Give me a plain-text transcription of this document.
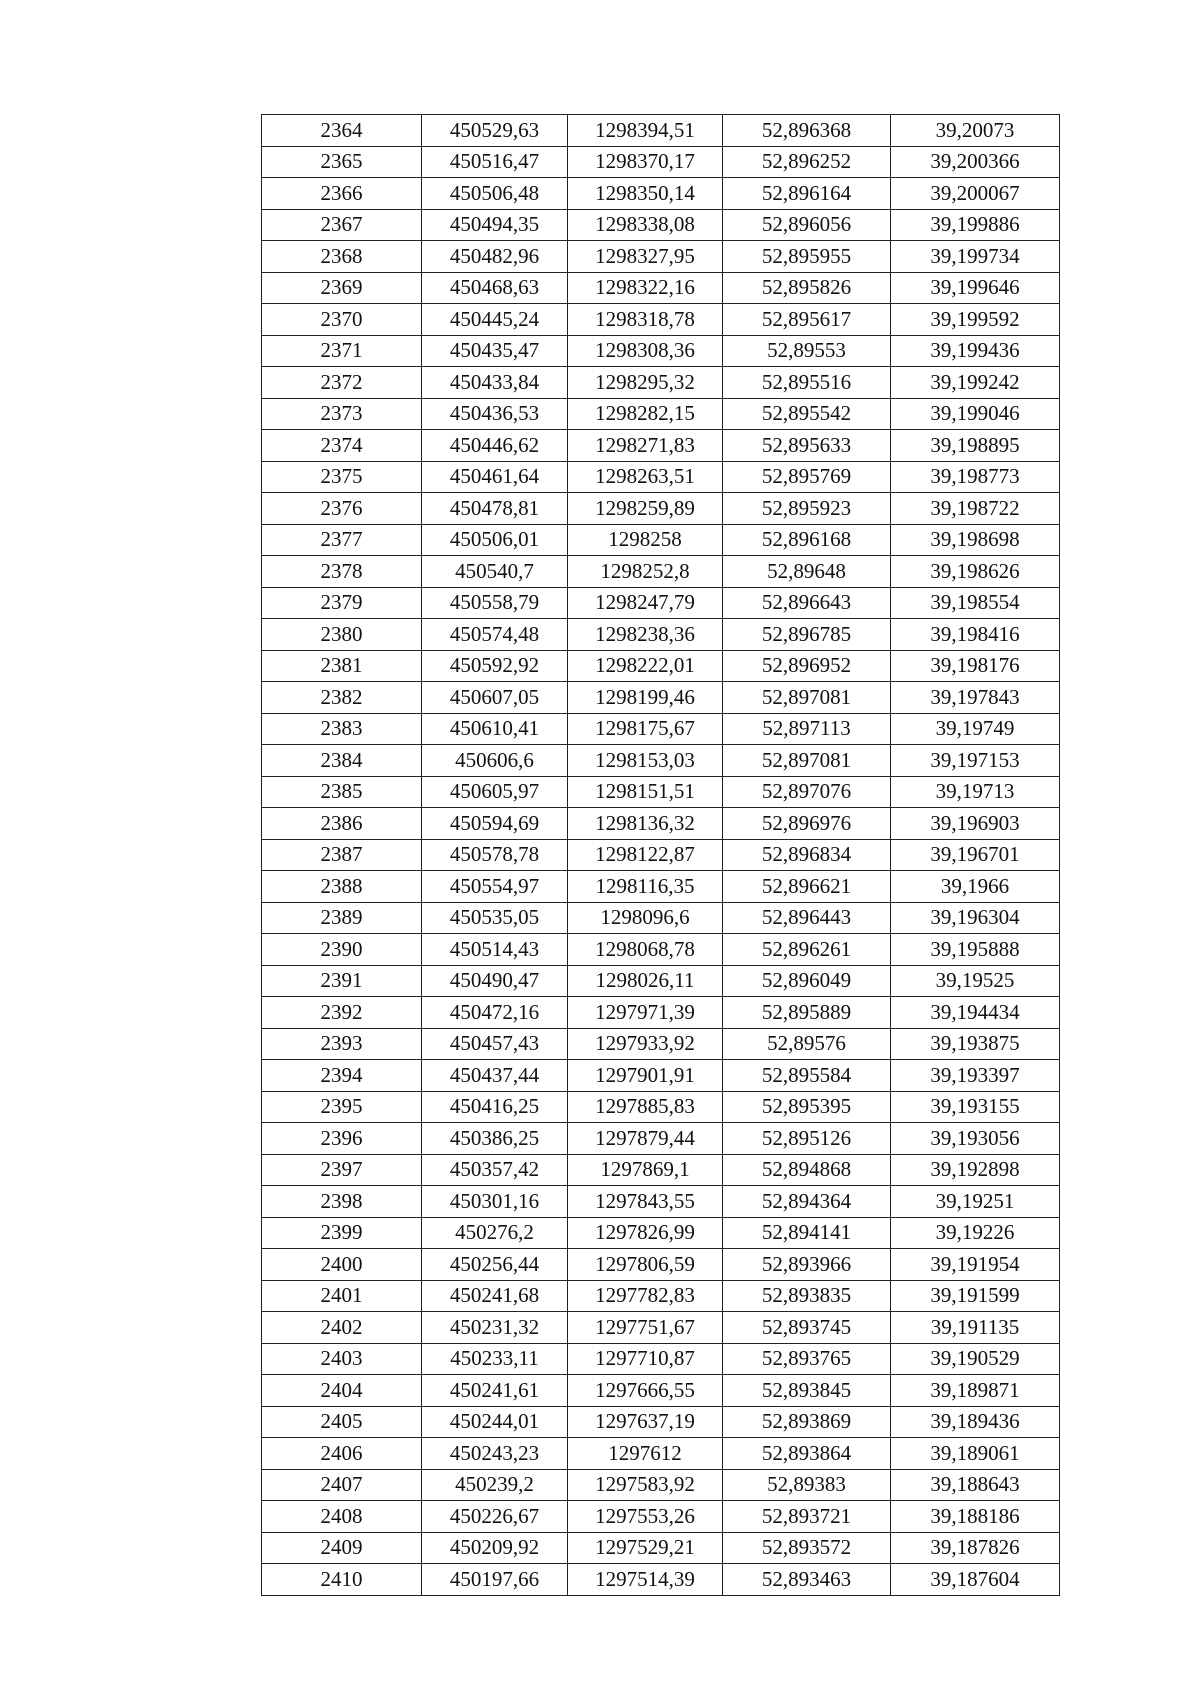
2364	450529,63	1298394,51	52,896368	39,20073
2365	450516,47	1298370,17	52,896252	39,200366
2366	450506,48	1298350,14	52,896164	39,200067
2367	450494,35	1298338,08	52,896056	39,199886
2368	450482,96	1298327,95	52,895955	39,199734
2369	450468,63	1298322,16	52,895826	39,199646
2370	450445,24	1298318,78	52,895617	39,199592
2371	450435,47	1298308,36	52,89553	39,199436
2372	450433,84	1298295,32	52,895516	39,199242
2373	450436,53	1298282,15	52,895542	39,199046
2374	450446,62	1298271,83	52,895633	39,198895
2375	450461,64	1298263,51	52,895769	39,198773
2376	450478,81	1298259,89	52,895923	39,198722
2377	450506,01	1298258	52,896168	39,198698
2378	450540,7	1298252,8	52,89648	39,198626
2379	450558,79	1298247,79	52,896643	39,198554
2380	450574,48	1298238,36	52,896785	39,198416
2381	450592,92	1298222,01	52,896952	39,198176
2382	450607,05	1298199,46	52,897081	39,197843
2383	450610,41	1298175,67	52,897113	39,19749
2384	450606,6	1298153,03	52,897081	39,197153
2385	450605,97	1298151,51	52,897076	39,19713
2386	450594,69	1298136,32	52,896976	39,196903
2387	450578,78	1298122,87	52,896834	39,196701
2388	450554,97	1298116,35	52,896621	39,1966
2389	450535,05	1298096,6	52,896443	39,196304
2390	450514,43	1298068,78	52,896261	39,195888
2391	450490,47	1298026,11	52,896049	39,19525
2392	450472,16	1297971,39	52,895889	39,194434
2393	450457,43	1297933,92	52,89576	39,193875
2394	450437,44	1297901,91	52,895584	39,193397
2395	450416,25	1297885,83	52,895395	39,193155
2396	450386,25	1297879,44	52,895126	39,193056
2397	450357,42	1297869,1	52,894868	39,192898
2398	450301,16	1297843,55	52,894364	39,19251
2399	450276,2	1297826,99	52,894141	39,19226
2400	450256,44	1297806,59	52,893966	39,191954
2401	450241,68	1297782,83	52,893835	39,191599
2402	450231,32	1297751,67	52,893745	39,191135
2403	450233,11	1297710,87	52,893765	39,190529
2404	450241,61	1297666,55	52,893845	39,189871
2405	450244,01	1297637,19	52,893869	39,189436
2406	450243,23	1297612	52,893864	39,189061
2407	450239,2	1297583,92	52,89383	39,188643
2408	450226,67	1297553,26	52,893721	39,188186
2409	450209,92	1297529,21	52,893572	39,187826
2410	450197,66	1297514,39	52,893463	39,187604
